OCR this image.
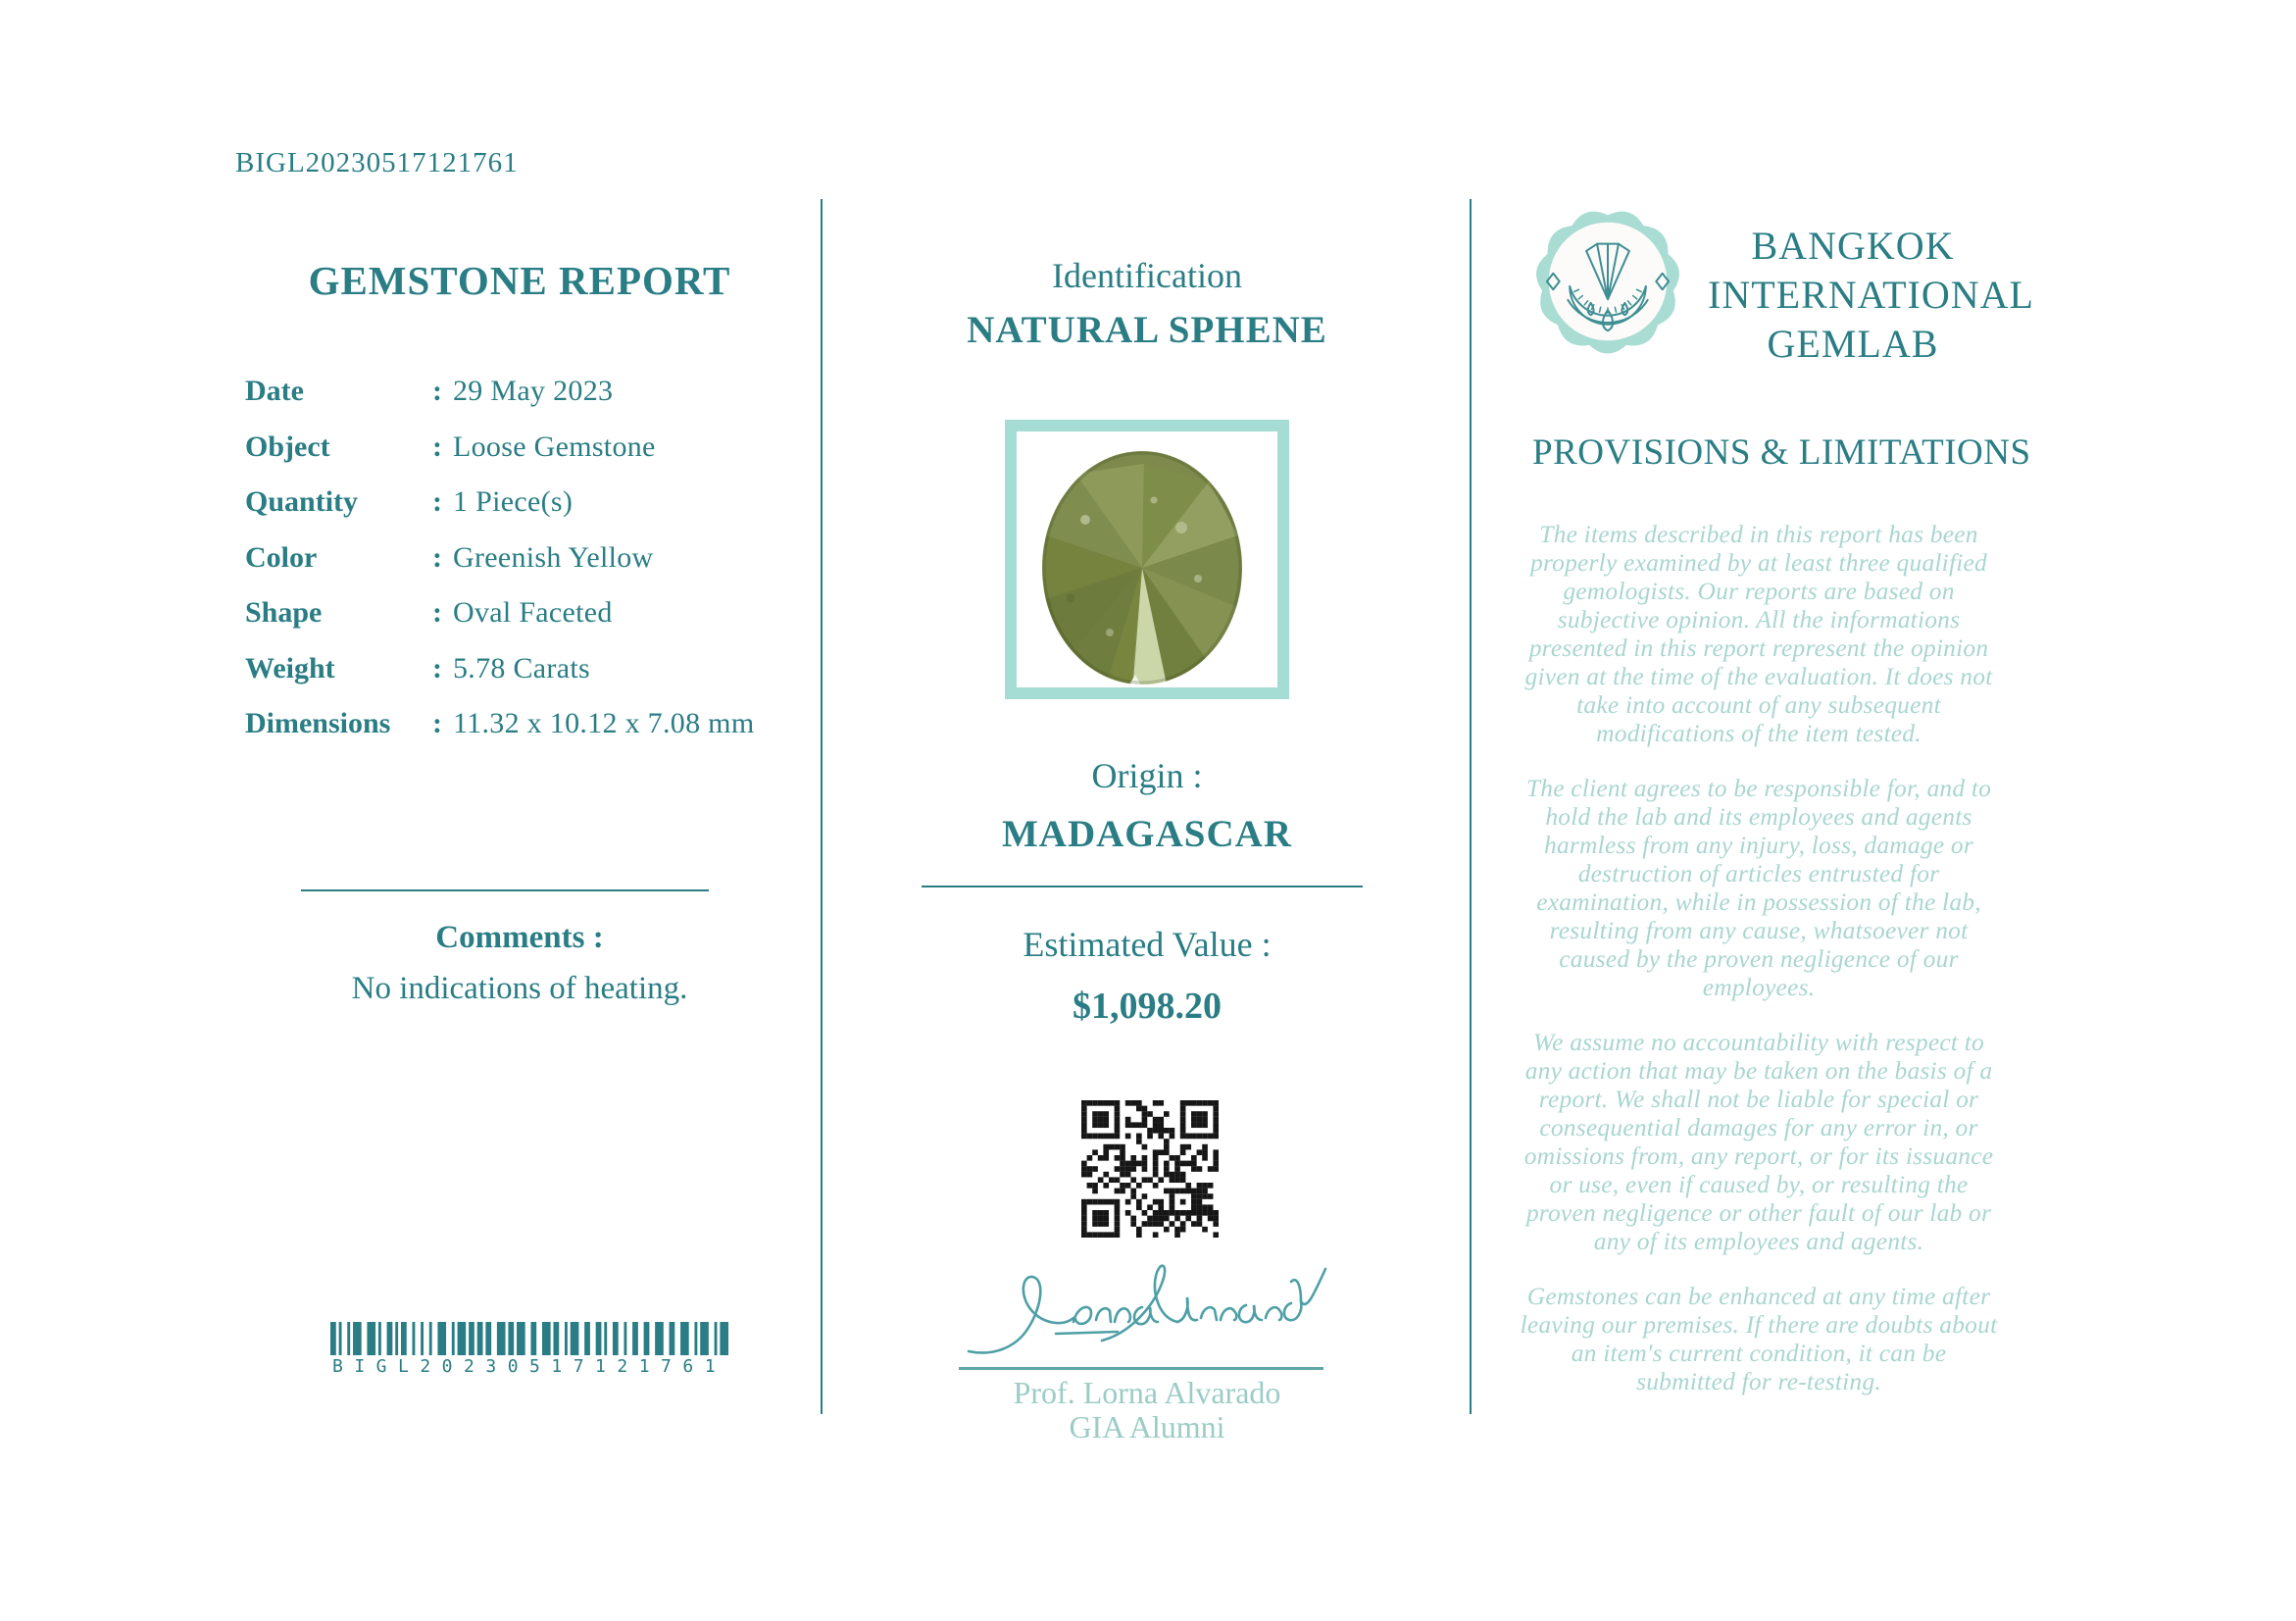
BIGL20230517121761
GEMSTONE REPORT
Date	: 29 May 2023
Object	: Loose Gemstone
Quantity	: 1 Piece(s)
Color	: Greenish Yellow
Shape	: Oval Faceted
Weight	: 5.78 Carats
Dimensions	: 11.32 x 10.12 x 7.08 mm
Comments :
No indications of heating.
BIGL20230517121761
Identification
NATURAL SPHENE
Origin :
MADAGASCAR
Estimated Value :
$1,098.20
Prof. Lorna Alvarado
GIA Alumni
BANGKOK
INTERNATIONAL
GEMLAB
PROVISIONS & LIMITATIONS

The items described in this report has been properly examined by at least three qualified gemologists. Our reports are based on subjective opinion. All the informations presented in this report represent the opinion given at the time of the evaluation. It does not take into account of any subsequent modifications of the item tested.

The client agrees to be responsible for, and to hold the lab and its employees and agents harmless from any injury, loss, damage or destruction of articles entrusted for examination, while in possession of the lab, resulting from any cause, whatsoever not caused by the proven negligence of our employees.

We assume no accountability with respect to any action that may be taken on the basis of a report. We shall not be liable for special or consequential damages for any error in, or omissions from, any report, or for its issuance or use, even if caused by, or resulting the proven negligence or other fault of our lab or any of its employees and agents.

Gemstones can be enhanced at any time after leaving our premises. If there are doubts about an item's current condition, it can be submitted for re-testing.
